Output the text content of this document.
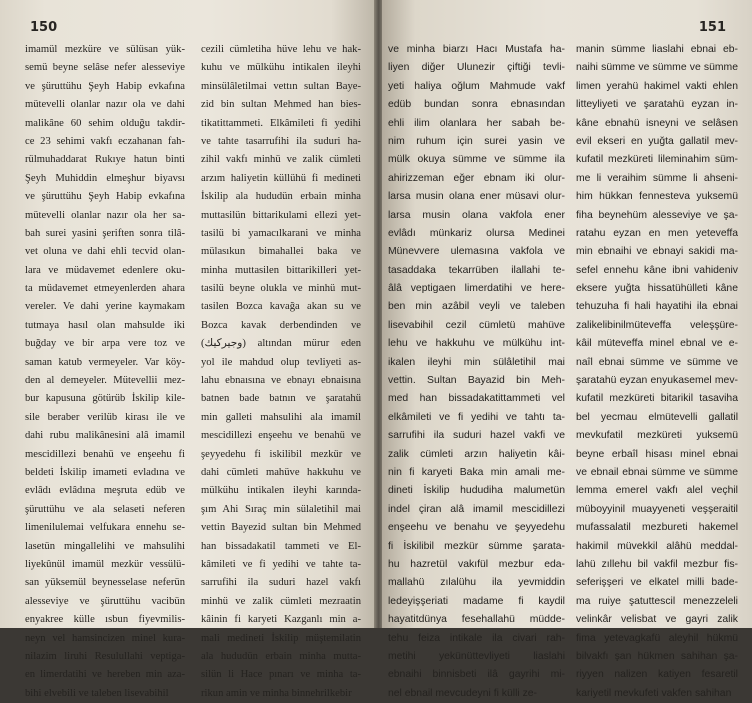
150
imamül mezküre ve sülüsan yük-
semü beyne selâse nefer alesseviye
ve şüruttühu Şeyh Habip evkafına
mütevelli olanlar nazır ola ve dahi
malikâne 60 sehim olduğu takdir-
ce 23 sehimi vakfı eczahanan fah-
rülmuhaddarat Rukıye hatun binti
Şeyh Muhiddin elmeşhur biyavsı
ve şüruttühu Şeyh Habip evkafına
mütevelli olanlar nazır ola her sa-
bah surei yasini şeriften sonra tilâ-
vet oluna ve dahi ehli tecvid olan-
lara ve müdavemet edenlere oku-
ta müdavemet etmeyenlerden ahara
vereler. Ve dahi yerine kaymakam
tutmaya hasıl olan mahsulde iki
buğday ve bir arpa vere toz ve
saman katub vermeyeler. Var köy-
den al demeyeler. Mütevellii mez-
bur kapusuna götürüb İskilip kile-
sile beraber verilüb kirası ile ve
dahi rubu malikânesini alâ imamil
mescidillezi benahü ve enşeehu fi
beldeti İskilip imameti evladına ve
evlâdı evlâdına meşruta edüb ve
şüruttühu ve ala selaseti neferen
limenilulemai velfukara ennehu se-
lasetün mingallelihi ve mahsulihi
liyekûnül imamül mezkür vessülü-
san yüksemül beynesselase neferün
alesseviye ve şüruttühu vacibün
enyakree külle ısbun fiyevmilis-
neyn vel hamsincizen minel kura-
nilazim liruhi Resulullahi veptiga-
en limerdatihi ve hereben min aza-
bihi elvebili ve taleben lisevabihil
cezili cümletiha hüve lehu ve hak-
kuhu ve mülkühu intikalen ileyhi
minsülâletilmai vettın sultan Baye-
zid bin sultan Mehmed han bies-
tikatittammeti. Elkâmileti fi yedihi
ve tahte tasarrufihi ila suduri ha-
zihil vakfı minhü ve zalik cümleti
arzım haliyetin küllühü fi medineti
İskilip ala hududün erbain minha
muttasilün bittarikulami ellezi yet-
tasilü bi yamacılkarani ve minha
mülasıkun bimahallei baka ve
minha muttasilen bittarikilleri yet-
tasilü beyne olukla ve minhü mut-
tasilen Bozca kavağa akan su ve
Bozca kavak derbendinden ve
(وجيركيك) altından mürur eden
yol ile mahdud olup tevliyeti as-
lahu ebnaısına ve ebnayı ebnaisına
batnen bade batnın ve şaratahü
min galleti mahsulihi ala imamil
mescidillezi enşeehu ve benahü ve
şeyyedehu fi iskilibil mezkür ve
dahi cümleti mahüve hakkuhu ve
mülkühu intikalen ileyhi karında-
şım Ahi Sıraç min sülaletihil mai
vettin Bayezid sultan bin Mehmed
han bissadakatil tammeti ve El-
kâmileti ve fi yedihi ve tahte ta-
sarrufihi ila suduri hazel vakfı
minhü ve zalik cümleti mezraatin
kâinin fi karyeti Kazganlı min a-
mali medineti İskilip müştemilatin
ala hududün erbain minha mutta-
silün li Hace pınarı ve minha ta-
rikun amin ve minha binnehrilkebir
151
ve minha biarzı Hacı Mustafa ha-
liyen diğer Ulunezir çiftiği tevli-
yeti haliya oğlum Mahmude vakf
edüb bundan sonra ebnasından
ehli ilim olanlara her sabah be-
nim ruhum için surei yasin ve
mülk okuya sümme ve sümme ila
ahirizzeman eğer ebnam iki olur-
larsa musin olana ener müsavi olur-
larsa musin olana vakfola ener
evlâdı münkariz olursa Medinei
Münevvere ulemasına vakfola ve
tasaddaka tekarrüben ilallahi te-
âlâ veptigaen limerdatihi ve here-
ben min azâbil veyli ve taleben
lisevabihil cezil cümletü mahüve
lehu ve hakkuhu ve mülkühu int-
ikalen ileyhi min sülâletihil mai
vettin. Sultan Bayazid bin Meh-
med han bissadakatittammeti vel
elkâmileti ve fi yedihi ve tahtı ta-
sarrufihi ila suduri hazel vakfi ve
zalik cümleti arzın haliyetin kâi-
nin fi karyeti Baka min amali me-
dineti İskilip hududiha malumetün
indel çiran alâ imamil mescidillezi
enşeehu ve benahu ve şeyyedehu
fi İskilibil mezkür sümme şarata-
hu hazretül vakıfül mezbur eda-
mallahü zılalühu ila yevmiddin
ledeyişşeriati madame fi kaydil
hayatitdünya fesehallahü müdde-
tehu feiza intikale ila civari rah-
metihi yekünüttevliyeti liaslahi
ebnaihi binnisbeti ilâ gayrihi mi-
nel ebnail mevcudeyni fi külli ze-
manin sümme liaslahi ebnai eb-
naihi sümme ve sümme ve sümme
limen yerahü hakimel vakti ehlen
litteyliyeti ve şaratahü eyzan in-
kâne ebnahü isneyni ve selâsen
evil ekseri en yuğta gallatil mev-
kufatil mezküreti lileminahim süm-
me li veraihim sümme li ahseni-
him hükkan fennesteva yuksemü
fiha beynehüm alesseviye ve şa-
ratahu eyzan en men yeteveffa
min ebnaihi ve ebnayi sakidi ma-
sefel ennehu kâne ibni vahideniv
eksere yuğta hissatühülleti kâne
tehuzuha fi hali hayatihi ila ebnai
zalikelibinilmüteveffa veleşşüre-
kâil müteveffa minel ebnal ve e-
naîl ebnai sümme ve sümme ve
şaratahü eyzan enyukasemel mev-
kufatil mezküreti bitarikil tasaviha
bel yecmau elmütevelli gallatil
mevkufatil mezküreti yuksemü
beyne erbaîl hisası minel ebnai
ve ebnail ebnai sümme ve sümme
lemma emerel vakfı alel veçhil
müboyyinil muayyeneti veşşeraitil
mufassalatil mezbureti hakemel
hakimil müvekkil alâhü meddal-
lahü zıllehu bil vakfil mezbur fis-
seferişşeri ve elkatel milli bade-
ma ruiye şatuttescil menezzeleli
velinkâr velisbat ve gayri zalik
fima yetevagkafü aleyhil hükmü
bilvakfı şan hükmen sahihan şa-
riyyen nalizen katiyen fesaretil
kariyetil mevkufeti vakfen sahihan
